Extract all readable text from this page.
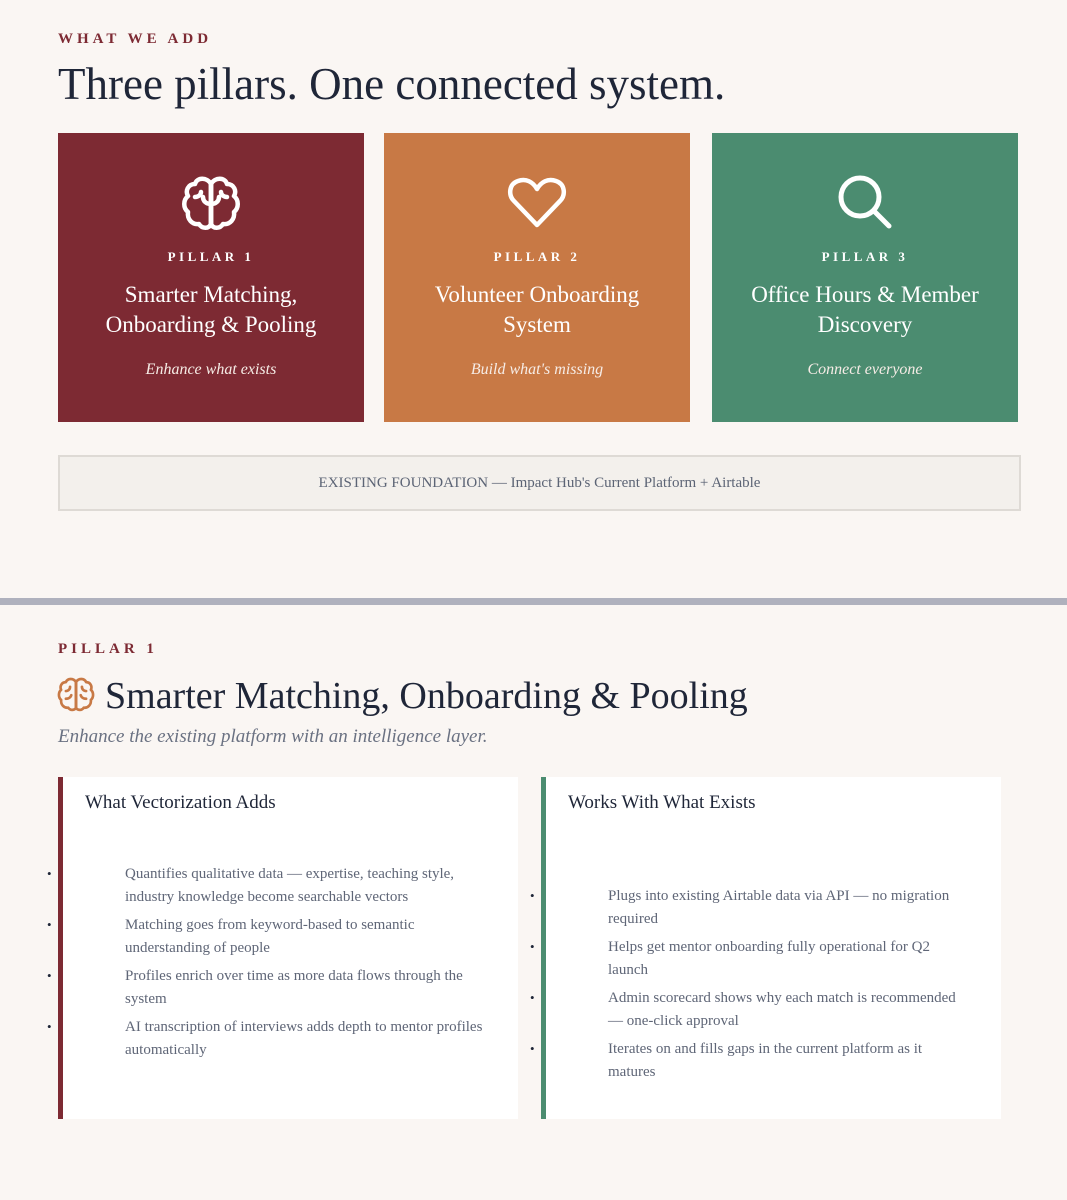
WHAT WE ADD
Three pillars. One connected system.
PILLAR 1
Smarter Matching, Onboarding & Pooling
Enhance what exists
PILLAR 2
Volunteer Onboarding System
Build what's missing
PILLAR 3
Office Hours & Member Discovery
Connect everyone
EXISTING FOUNDATION — Impact Hub's Current Platform + Airtable
PILLAR 1
Smarter Matching, Onboarding & Pooling
Enhance the existing platform with an intelligence layer.
What Vectorization Adds
•	Quantifies qualitative data — expertise, teaching style, industry knowledge become searchable vectors
•	Matching goes from keyword-based to semantic understanding of people
•	Profiles enrich over time as more data flows through the system
•	AI transcription of interviews adds depth to mentor profiles automatically
Works With What Exists
•	Plugs into existing Airtable data via API — no migration required
•	Helps get mentor onboarding fully operational for Q2 launch
•	Admin scorecard shows why each match is recommended — one-click approval
•	Iterates on and fills gaps in the current platform as it matures
